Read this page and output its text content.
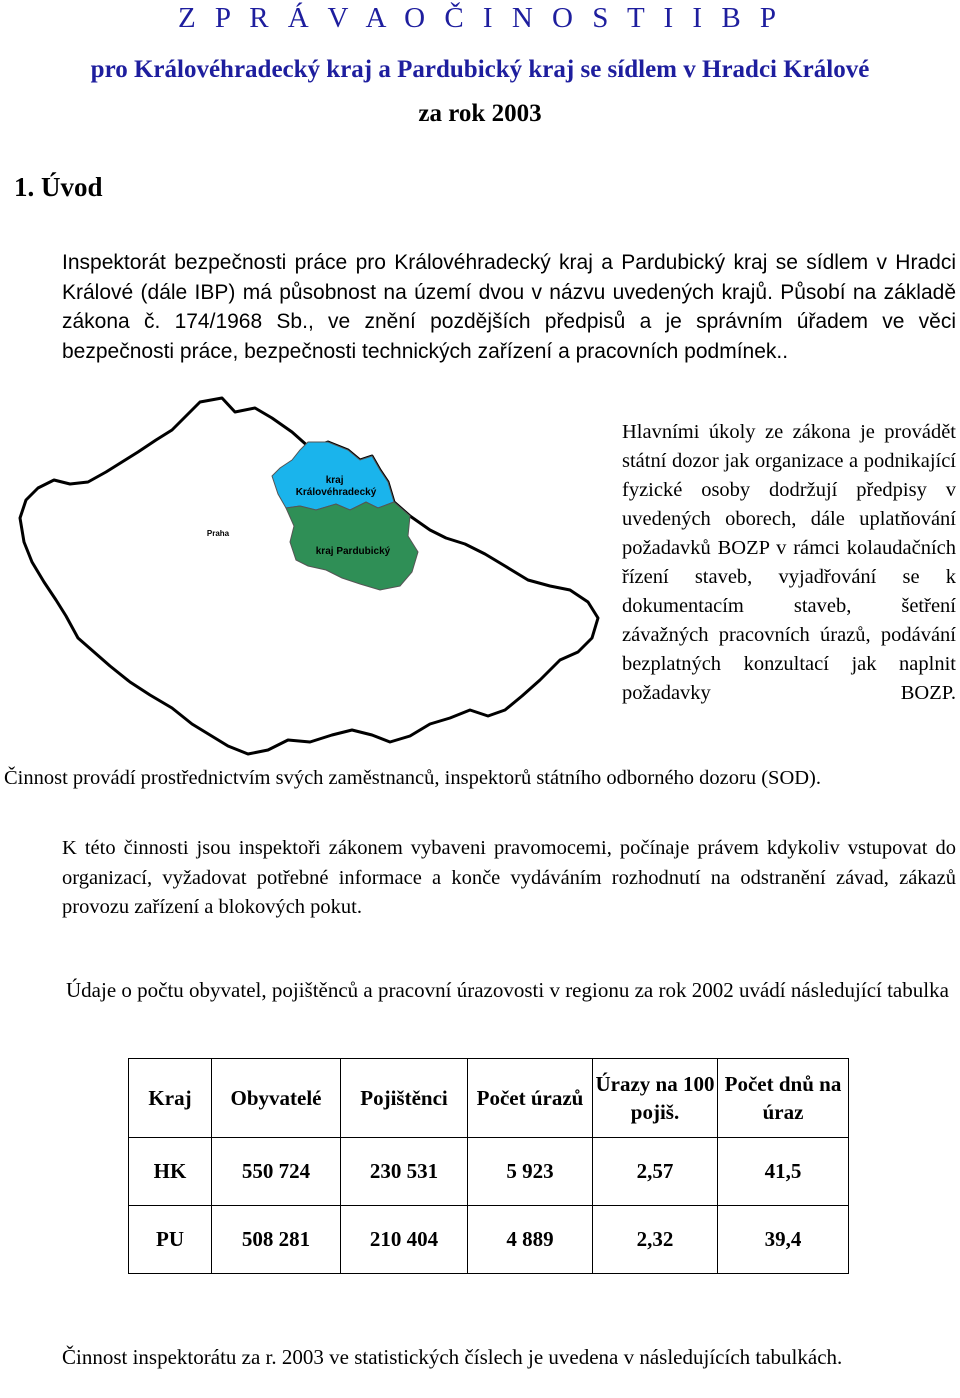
Z P R Á V A O Č I N O S T I I B P
pro Královéhradecký kraj a Pardubický kraj se sídlem v Hradci Králové
za rok 2003
1. Úvod
Inspektorát bezpečnosti práce pro Královéhradecký kraj a Pardubický kraj se sídlem v Hradci Králové (dále IBP) má působnost na území dvou v názvu uvedených krajů. Působí na základě zákona č. 174/1968 Sb., ve znění pozdějších předpisů a je správním úřadem ve věci bezpečnosti práce, bezpečnosti technických zařízení a pracovních podmínek..
kraj Královéhradecký
kraj Pardubický
Praha
Hlavními úkoly ze zákona je provádět státní dozor jak organizace a podnikající fyzické osoby dodržují předpisy v uvedených oborech, dále uplatňování požadavků BOZP v rámci kolaudačních řízení staveb, vyjadřování se k dokumentacím staveb, šetření závažných pracovních úrazů, podávání bezplatných konzultací jak naplnit požadavky BOZP.
Činnost provádí prostřednictvím svých zaměstnanců, inspektorů státního odborného dozoru (SOD).
K této činnosti jsou inspektoři zákonem vybaveni pravomocemi, počínaje právem kdykoliv vstupovat do organizací, vyžadovat potřebné informace a konče vydáváním rozhodnutí na odstranění závad, zákazů provozu zařízení a blokových pokut.
Údaje o počtu obyvatel, pojištěnců a pracovní úrazovosti v regionu za rok 2002 uvádí následující tabulka
Kraj	Obyvatelé	Pojištěnci	Počet úrazů	Úrazy na 100 pojiš.	Počet dnů na úraz
HK	550 724	230 531	5 923	2,57	41,5
PU	508 281	210 404	4 889	2,32	39,4
Činnost inspektorátu za r. 2003 ve statistických číslech je uvedena v následujících tabulkách.
